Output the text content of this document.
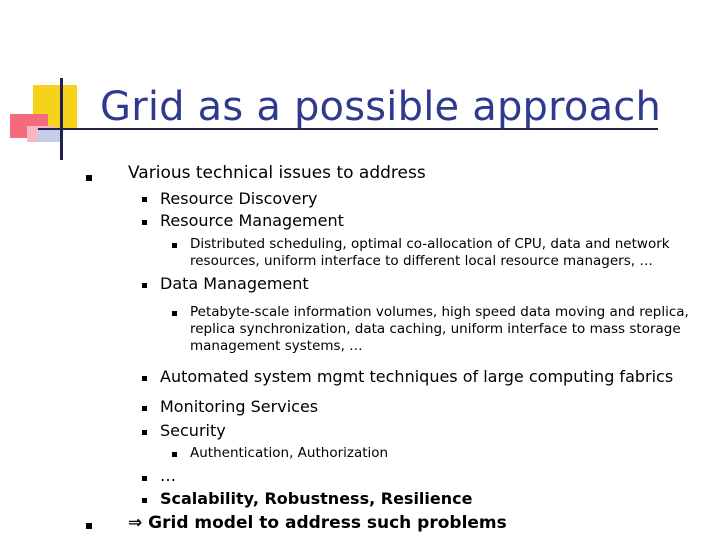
Grid as a possible approach
Various technical issues to address
Resource Discovery
Resource Management
Distributed scheduling, optimal co-allocation of CPU, data and network resources, uniform interface to different local resource managers, …
Data Management
Petabyte-scale information volumes, high speed data moving and replica, replica synchronization, data caching, uniform interface to mass storage management systems, …
Automated system mgmt techniques of large computing fabrics
Monitoring Services
Security
Authentication, Authorization
…
Scalability, Robustness, Resilience
⇒ Grid model to address such problems
